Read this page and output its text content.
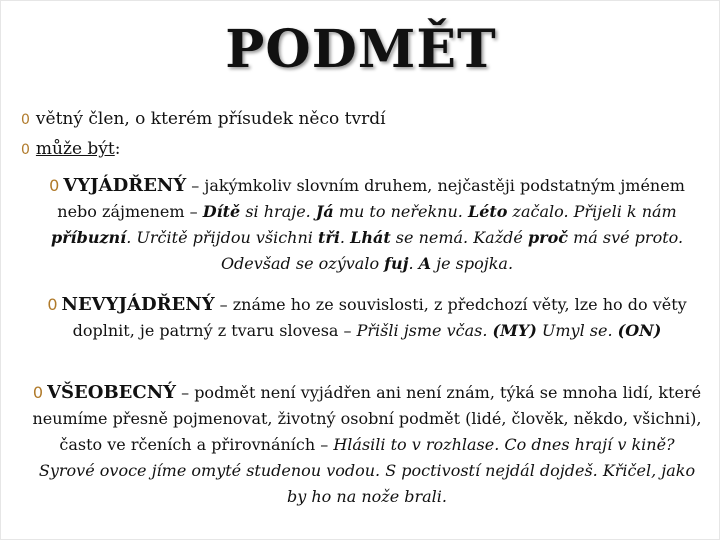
PODMĚT
0 větný člen, o kterém přísudek něco tvrdí
0 může být:
0 VYJÁDŘENÝ – jakýmkoliv slovním druhem, nejčastěji podstatným jménem nebo zájmenem – Dítě si hraje. Já mu to neřeknu. Léto začalo. Přijeli k nám příbuzní. Určitě přijdou všichni tři. Lhát se nemá. Každé proč má své proto. Odevšad se ozývalo fuj. A je spojka.
0 NEVYJÁDŘENÝ – známe ho ze souvislosti, z předchozí věty, lze ho do věty doplnit, je patrný z tvaru slovesa – Přišli jsme včas. (MY) Umyl se. (ON)
0 VŠEOBECNÝ – podmět není vyjádřen ani není znám, týká se mnoha lidí, které neumíme přesně pojmenovat, životný osobní podmět (lidé, člověk, někdo, všichni), často ve rčeních a přirovnáních – Hlásili to v rozhlase. Co dnes hrají v kině? Syrové ovoce jíme omyté studenou vodou. S poctivostí nejdál dojdeš. Křičel, jako by ho na nože brali.
